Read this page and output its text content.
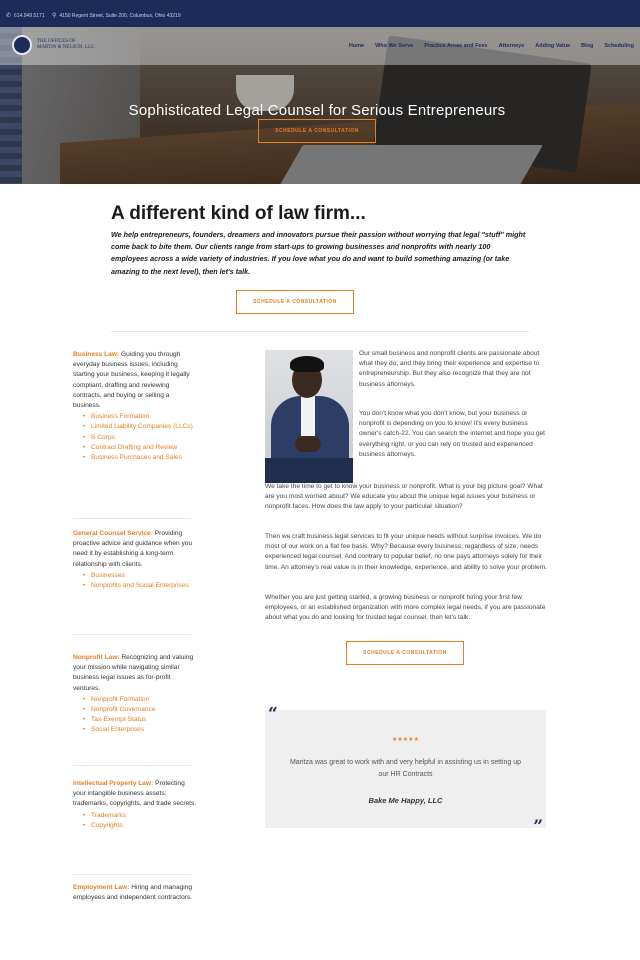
✆ 614.949.5171 ⚲ 4150 Regent Street, Suite 200, Columbus, Ohio 43219
THE OFFICES OF
MARTIN & NELSON, LLC	Home Who We Serve Practice Areas and Fees Attorneys Adding Value Blog Scheduling
Sophisticated Legal Counsel for Serious Entrepreneurs
SCHEDULE A CONSULTATION
A different kind of law firm...
We help entrepreneurs, founders, dreamers and innovators pursue their passion without worrying that legal "stuff" might come back to bite them. Our clients range from start-ups to growing businesses and nonprofits with nearly 100 employees across a wide variety of industries. If you love what you do and want to build something amazing (or take amazing to the next level), then let's talk.
SCHEDULE A CONSULTATION
Business Law: Guiding you through everyday business issues, including starting your business, keeping it legally compliant, drafting and reviewing contracts, and buying or selling a business.
• Business Formation
• Limited Liability Companies (LLCs)
• S Corps
• Contract Drafting and Review
• Business Purchases and Sales
General Counsel Service: Providing proactive advice and guidance when you need it by establishing a long-term relationship with clients.
• Businesses
• Nonprofits and Social Enterprises
Nonprofit Law: Recognizing and valuing your mission while navigating similar business legal issues as for-profit ventures.
• Nonprofit Formation
• Nonprofit Governance
• Tax-Exempt Status
• Social Enterprises
Intellectual Property Law: Protecting your intangible business assets: trademarks, copyrights, and trade secrets.
• Trademarks
• Copyrights
Employment Law: Hiring and managing employees and independent contractors.
Our small business and nonprofit clients are passionate about what they do, and they bring their experience and expertise to entrepreneurship. But they also recognize that they are not business attorneys.
You don't know what you don't know, but your business or nonprofit is depending on you to know! It's every business owner's catch-22. You can search the internet and hope you get everything right, or you can rely on trusted and experienced business attorneys.
We take the time to get to know your business or nonprofit. What is your big picture goal? What are you most worried about? We educate you about the unique legal issues your business or nonprofit faces. How does the law apply to your particular situation?
Then we craft business legal services to fit your unique needs without surprise invoices. We do most of our work on a flat fee basis. Why? Because every business, regardless of size, needs experienced legal counsel. And contrary to popular belief, no one pays attorneys solely for their time. An attorney's real value is in their knowledge, experience, and ability to solve your problem.
Whether you are just getting started, a growing business or nonprofit hiring your first few employees, or an established organization with more complex legal needs, if you are passionate about what you do and looking for trusted legal counsel, then let's talk.
SCHEDULE A CONSULTATION
“
★★★★★
Maritza was great to work with and very helpful in assisting us in setting up our HR Contracts
Bake Me Happy, LLC
”
